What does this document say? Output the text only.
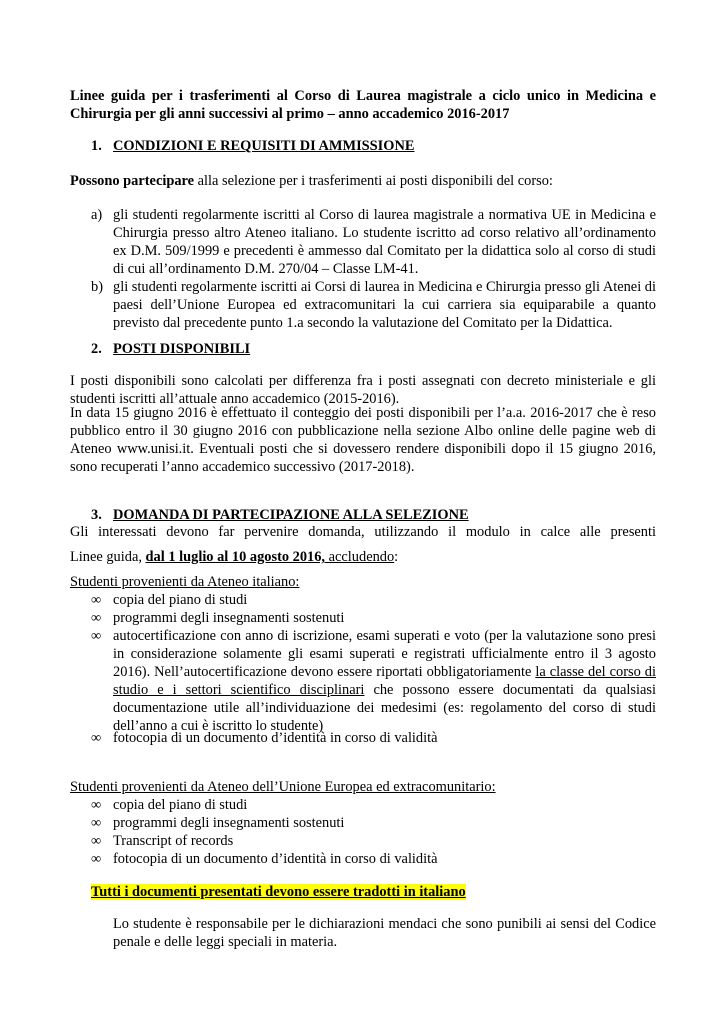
Linee guida per i trasferimenti al Corso di Laurea magistrale a ciclo unico in Medicina e Chirurgia per gli anni successivi al primo – anno accademico 2016-2017
1. CONDIZIONI E REQUISITI DI AMMISSIONE
Possono partecipare alla selezione per i trasferimenti ai posti disponibili del corso:
a) gli studenti regolarmente iscritti al Corso di laurea magistrale a normativa UE in Medicina e Chirurgia presso altro Ateneo italiano. Lo studente iscritto ad corso relativo all’ordinamento ex D.M. 509/1999 e precedenti è ammesso dal Comitato per la didattica solo al corso di studi di cui all’ordinamento D.M. 270/04 – Classe LM-41.
b) gli studenti regolarmente iscritti ai Corsi di laurea in Medicina e Chirurgia presso gli Atenei di paesi dell’Unione Europea ed extracomunitari la cui carriera sia equiparabile a quanto previsto dal precedente punto 1.a secondo la valutazione del Comitato per la Didattica.
2. POSTI DISPONIBILI
I posti disponibili sono calcolati per differenza fra i posti assegnati con decreto ministeriale e gli studenti iscritti all’attuale anno accademico (2015-2016).
In data 15 giugno 2016 è effettuato il conteggio dei posti disponibili per l’a.a. 2016-2017 che è reso pubblico entro il 30 giugno 2016 con pubblicazione nella sezione Albo online delle pagine web di Ateneo www.unisi.it. Eventuali posti che si dovessero rendere disponibili dopo il 15 giugno 2016, sono recuperati l’anno accademico successivo (2017-2018).
3. DOMANDA DI PARTECIPAZIONE ALLA SELEZIONE
Gli interessati devono far pervenire domanda, utilizzando il modulo in calce alle presenti
Linee guida, dal 1 luglio al 10 agosto 2016, accludendo:
Studenti provenienti da Ateneo italiano:
∞ copia del piano di studi
∞ programmi degli insegnamenti sostenuti
∞ autocertificazione con anno di iscrizione, esami superati e voto (per la valutazione sono presi in considerazione solamente gli esami superati e registrati ufficialmente entro il 3 agosto 2016). Nell’autocertificazione devono essere riportati obbligatoriamente la classe del corso di studio e i settori scientifico disciplinari che possono essere documentati da qualsiasi documentazione utile all’individuazione dei medesimi (es: regolamento del corso di studi dell’anno a cui è iscritto lo studente)
∞ fotocopia di un documento d’identità in corso di validità
Studenti provenienti da Ateneo dell’Unione Europea ed extracomunitario:
∞ copia del piano di studi
∞ programmi degli insegnamenti sostenuti
∞ Transcript of records
∞ fotocopia di un documento d’identità in corso di validità
Tutti i documenti presentati devono essere tradotti in italiano
Lo studente è responsabile per le dichiarazioni mendaci che sono punibili ai sensi del Codice penale e delle leggi speciali in materia.
